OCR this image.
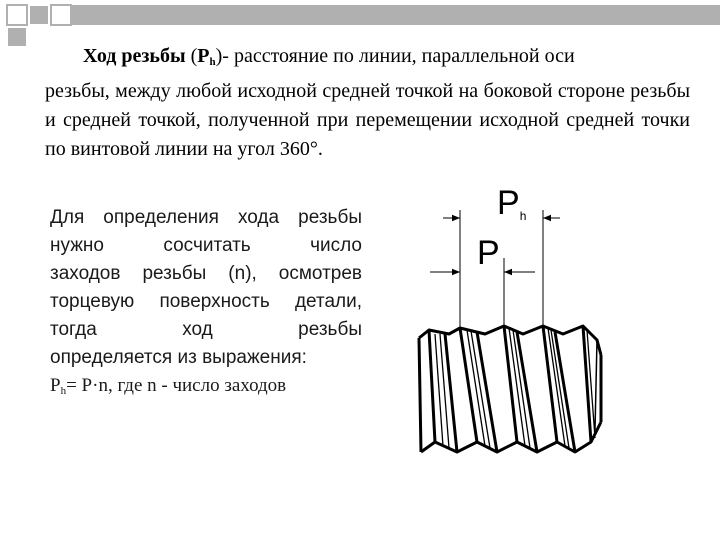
Ход резьбы $(P_h)-$ расстояние по линии, параллельной оси
резьбы, между любой исходной средней точкой на боковой стороне резьбы и средней точкой, полученной при перемещении исходной средней точки по винтовой линии на угол 360°.
Для определения хода резьбы
нужно сосчитать число
заходов резьбы (n), осмотрев
торцевую поверхность детали,
тогда ход резьбы
определяется из выражения:
Ph= P·n, где n - число заходов
Ph
P
